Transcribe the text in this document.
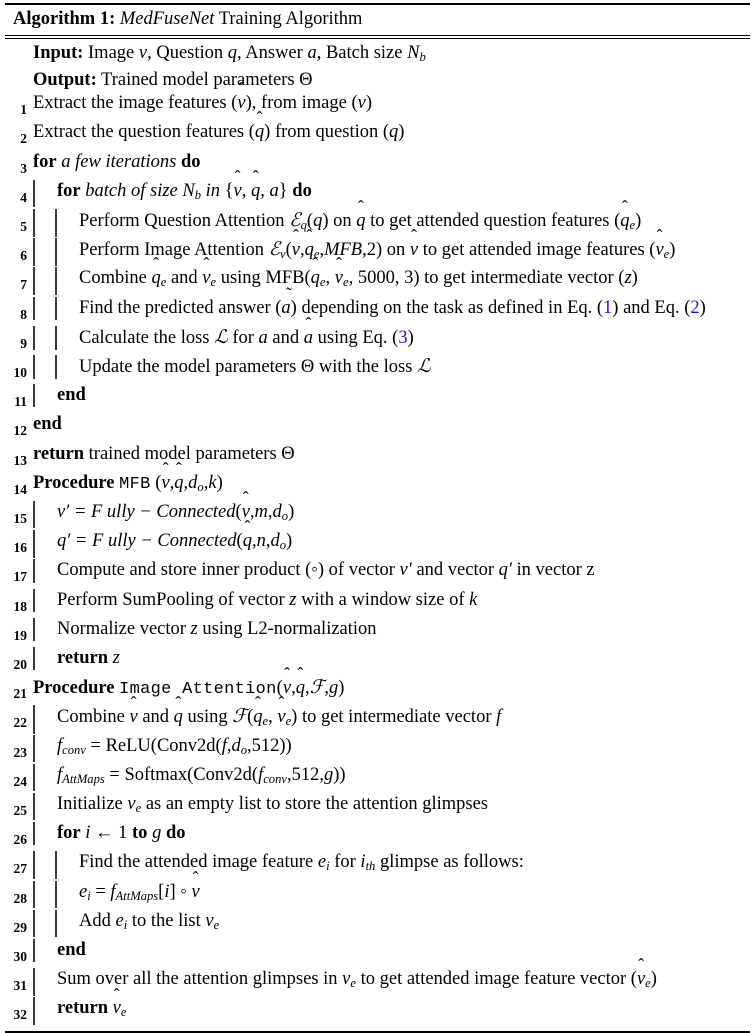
Algorithm 1: MedFuseNet Training Algorithm
Input: Image v, Question q, Answer a, Batch size $N_b$
Output: Trained model parameters Θ
1 Extract the image features (
v), from image (v)
2 Extract the question features (
q) from question (q)
3 for a few iterations do
4	for batch of size $N_b$ in {
v,
q, a} do
5	Perform Question Attention ℰ$_q$(q) on
q to get attended question features (
$q_e$)
6	Perform Image Attention ℰ$_v$(
v,
$q_e,MFB,2$) on
v to get attended image features (
$v_e$)
7	Combine
$q_e$ and
$v_e$ using MFB(
$q_e$,
$v_e$, 5000, 3) to get intermediate vector (z)
8	Find the predicted answer (
a) depending on the task as defined in Eq. (1) and Eq. (2)
9	Calculate the loss ℒ for a and
a using Eq. (3)
10	Update the model parameters Θ with the loss ℒ
11	end
12 end
13 return trained model parameters Θ
14 Procedure MFB (
v,
$q,d_o,k$)
15	v′ = F ully − Connected(
$v,m,d_o$)
16	q′ = F ully − Connected(
$q,n,d_o$)
17	Compute and store inner product (◦) of vector v′ and vector q′ in vector z
18	Perform SumPooling of vector z with a window size of k
19	Normalize vector z using L2-normalization
20	return z
21 Procedure Image Attention(
v,
q,ℱ,g)
22	Combine
v and
q using ℱ(
$q_e$,
$v_e$) to get intermediate vector f
23	$f_{conv}$ = $ReLU(Conv2d(f,d_o,512))$
24	$f_{AttMaps}$ = $Softmax(Conv2d(f_{conv},512,g))$
25	Initialize $v_e$ as an empty list to store the attention glimpses
26	for i ← 1 to g do
27	Find the attended image feature $e_i$ for $i_{th}$ glimpse as follows:
28	$e_i = f_{AttMaps}[i]$ ◦
v
29	Add $e_i$ to the list $v_e$
30	end
31	Sum over all the attention glimpses in $v_e$ to get attended image feature vector (
$v_e$)
32	return $v_e$
